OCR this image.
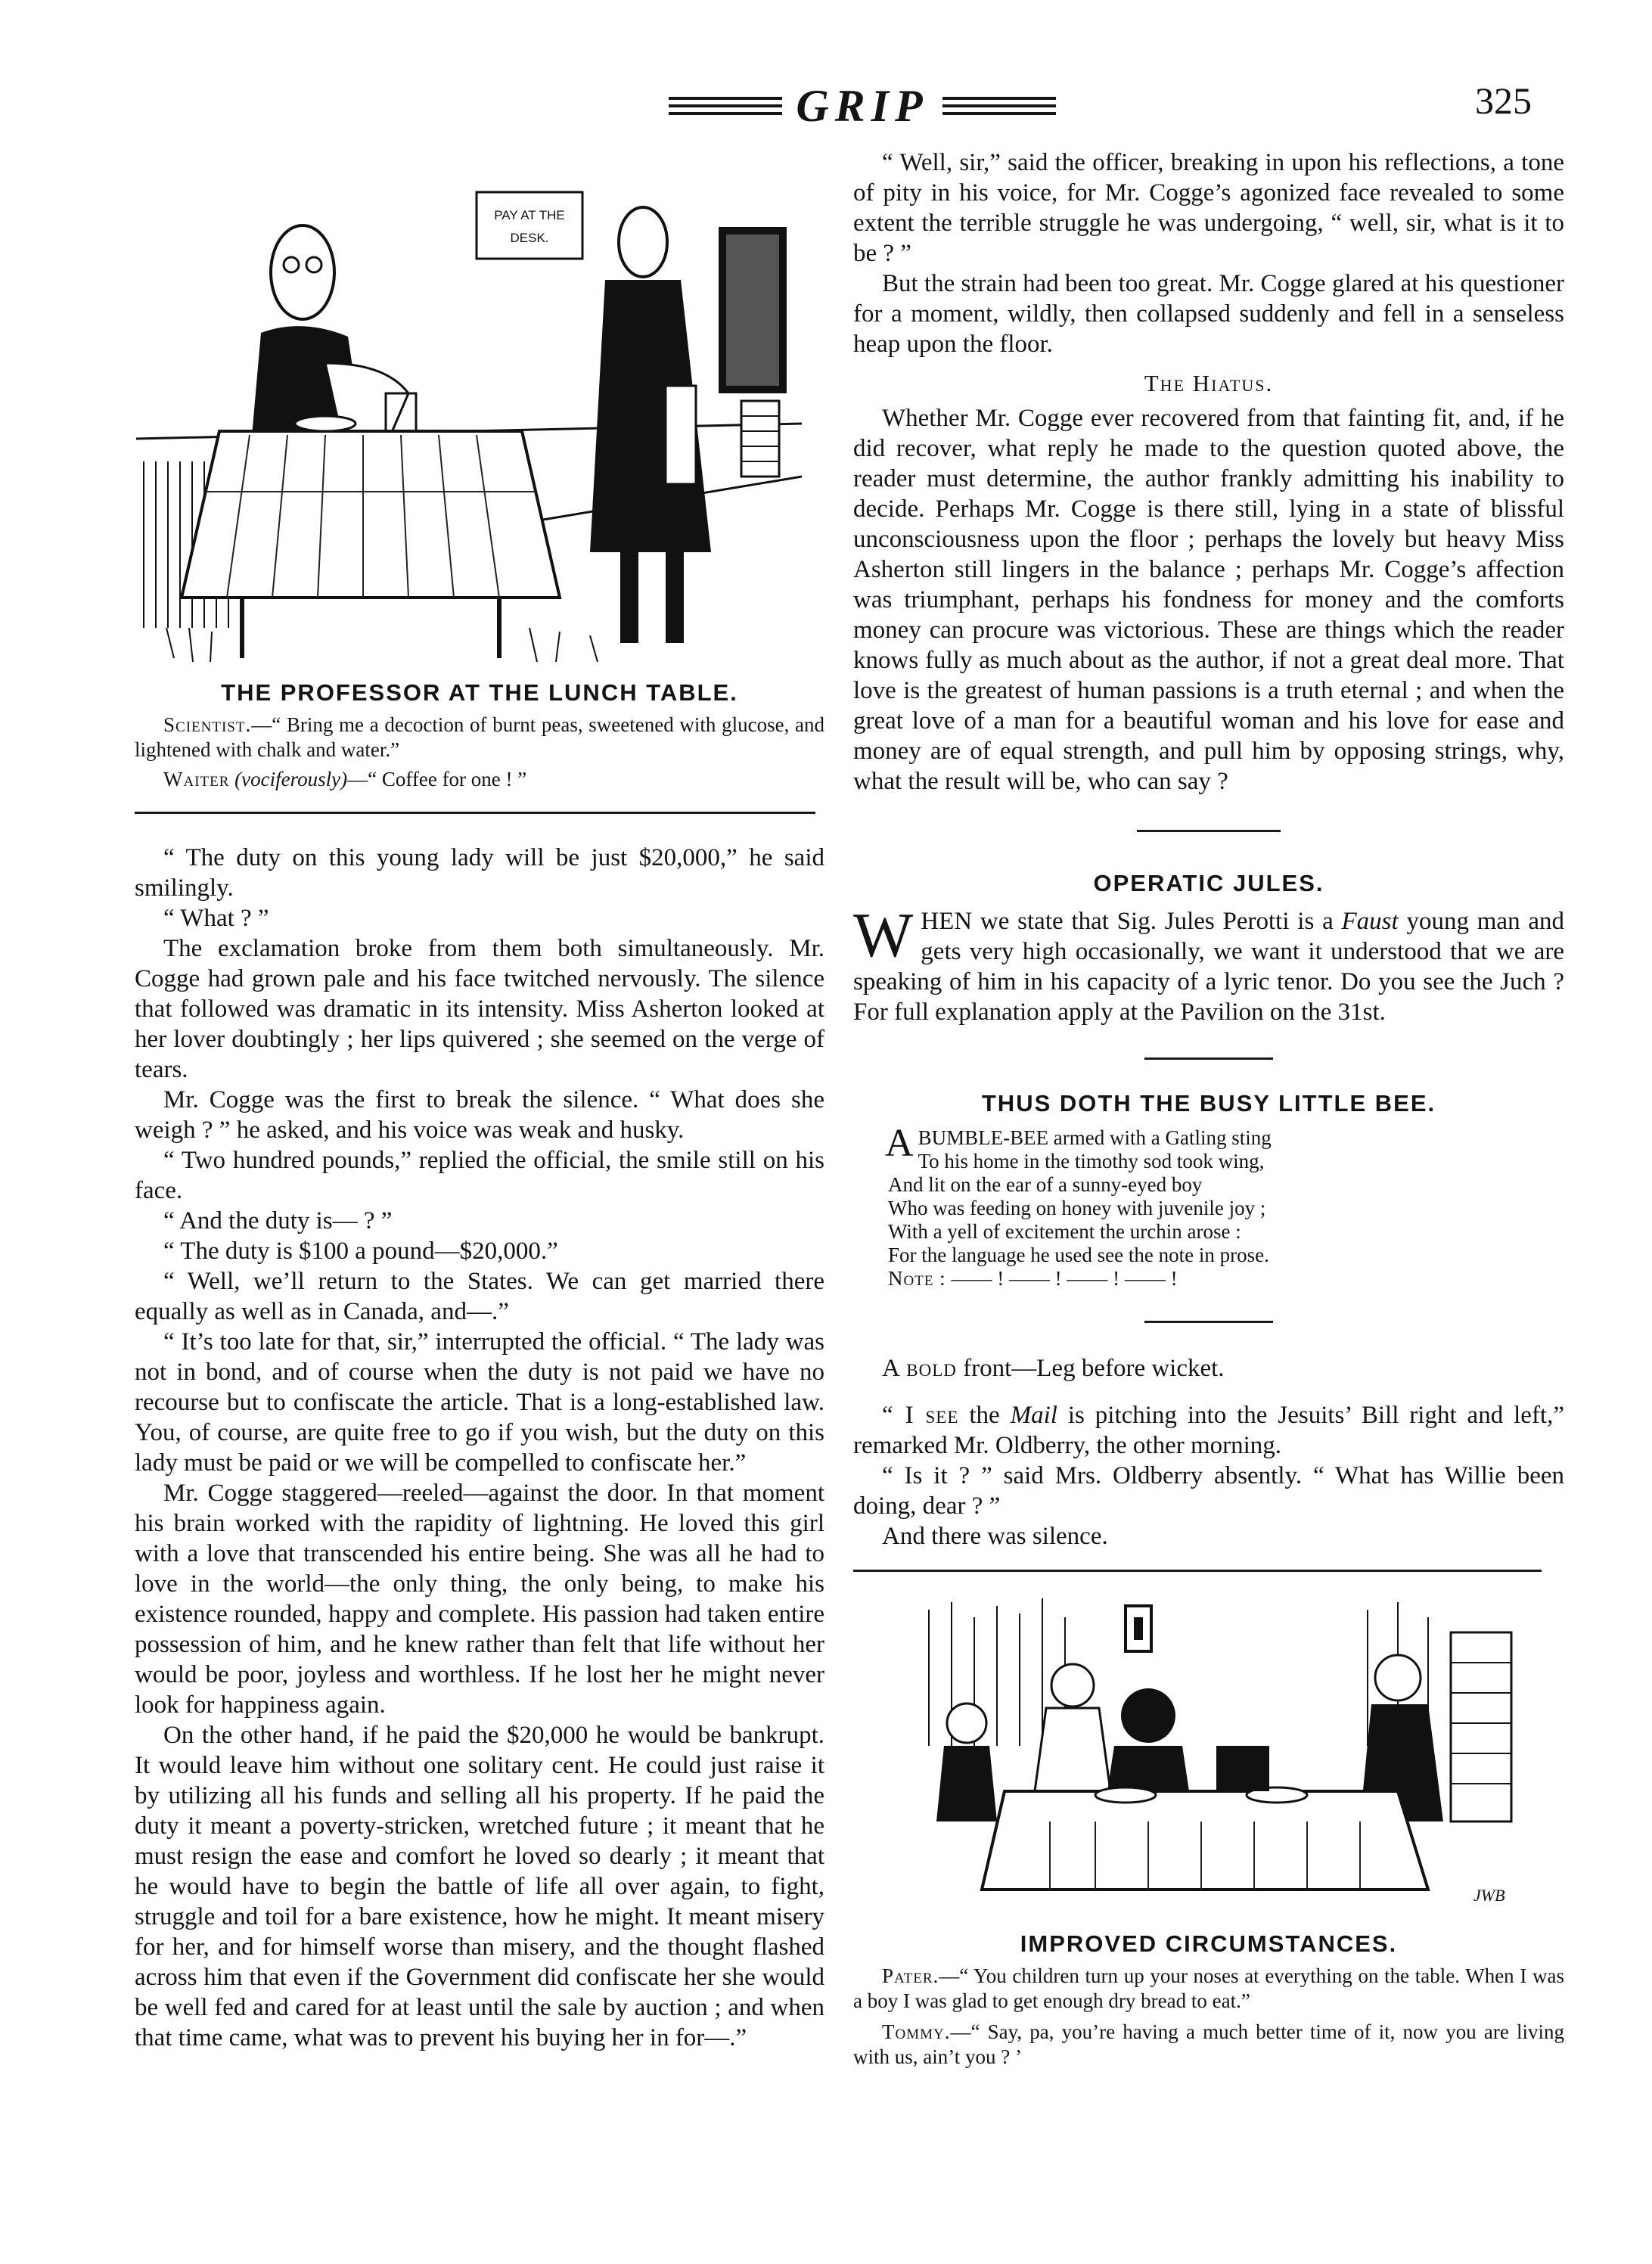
GRIP	325
PAY AT THE
DESK.
THE PROFESSOR AT THE LUNCH TABLE.

Scientist.—“ Bring me a decoction of burnt peas, sweetened with glucose, and lightened with chalk and water.”

Waiter (vociferously)—“ Coffee for one ! ”

“ The duty on this young lady will be just $20,000,” he said smilingly.

“ What ? ”

The exclamation broke from them both simultaneously. Mr. Cogge had grown pale and his face twitched nervously. The silence that followed was dramatic in its intensity. Miss Asherton looked at her lover doubtingly ; her lips quivered ; she seemed on the verge of tears.

Mr. Cogge was the first to break the silence. “ What does she weigh ? ” he asked, and his voice was weak and husky.

“ Two hundred pounds,” replied the official, the smile still on his face.

“ And the duty is— ? ”

“ The duty is $100 a pound—$20,000.”

“ Well, we’ll return to the States. We can get married there equally as well as in Canada, and—.”

“ It’s too late for that, sir,” interrupted the official. “ The lady was not in bond, and of course when the duty is not paid we have no recourse but to confiscate the article. That is a long-established law. You, of course, are quite free to go if you wish, but the duty on this lady must be paid or we will be compelled to confiscate her.”

Mr. Cogge staggered—reeled—against the door. In that moment his brain worked with the rapidity of lightning. He loved this girl with a love that transcended his entire being. She was all he had to love in the world—the only thing, the only being, to make his existence rounded, happy and complete. His passion had taken entire possession of him, and he knew rather than felt that life without her would be poor, joyless and worthless. If he lost her he might never look for happiness again.

On the other hand, if he paid the $20,000 he would be bankrupt. It would leave him without one solitary cent. He could just raise it by utilizing all his funds and selling all his property. If he paid the duty it meant a poverty-stricken, wretched future ; it meant that he must resign the ease and comfort he loved so dearly ; it meant that he would have to begin the battle of life all over again, to fight, struggle and toil for a bare existence, how he might. It meant misery for her, and for himself worse than misery, and the thought flashed across him that even if the Government did confiscate her she would be well fed and cared for at least until the sale by auction ; and when that time came, what was to prevent his buying her in for—.”

“ Well, sir,” said the officer, breaking in upon his reflections, a tone of pity in his voice, for Mr. Cogge’s agonized face revealed to some extent the terrible struggle he was undergoing, “ well, sir, what is it to be ? ”

But the strain had been too great. Mr. Cogge glared at his questioner for a moment, wildly, then collapsed suddenly and fell in a senseless heap upon the floor.

The Hiatus.

Whether Mr. Cogge ever recovered from that fainting fit, and, if he did recover, what reply he made to the question quoted above, the reader must determine, the author frankly admitting his inability to decide. Perhaps Mr. Cogge is there still, lying in a state of blissful unconsciousness upon the floor ; perhaps the lovely but heavy Miss Asherton still lingers in the balance ; perhaps Mr. Cogge’s affection was triumphant, perhaps his fondness for money and the comforts money can procure was victorious. These are things which the reader knows fully as much about as the author, if not a great deal more. That love is the greatest of human passions is a truth eternal ; and when the great love of a man for a beautiful woman and his love for ease and money are of equal strength, and pull him by opposing strings, why, what the result will be, who can say ?

OPERATIC JULES.
WHEN we state that Sig. Jules Perotti is a Faust young man and gets very high occasionally, we want it understood that we are speaking of him in his capacity of a lyric tenor. Do you see the Juch ? For full explanation apply at the Pavilion on the 31st.
THUS DOTH THE BUSY LITTLE BEE.
A BUMBLE-BEE armed with a Gatling sting
To his home in the timothy sod took wing,
And lit on the ear of a sunny-eyed boy
Who was feeding on honey with juvenile joy ;
With a yell of excitement the urchin arose :
For the language he used see the note in prose.
Note : —— ! —— ! —— ! —— !

A bold front—Leg before wicket.

“ I see the Mail is pitching into the Jesuits’ Bill right and left,” remarked Mr. Oldberry, the other morning.

“ Is it ? ” said Mrs. Oldberry absently. “ What has Willie been doing, dear ? ”

And there was silence.

JWB
IMPROVED CIRCUMSTANCES.

Pater.—“ You children turn up your noses at everything on the table. When I was a boy I was glad to get enough dry bread to eat.”

Tommy.—“ Say, pa, you’re having a much better time of it, now you are living with us, ain’t you ? ’
